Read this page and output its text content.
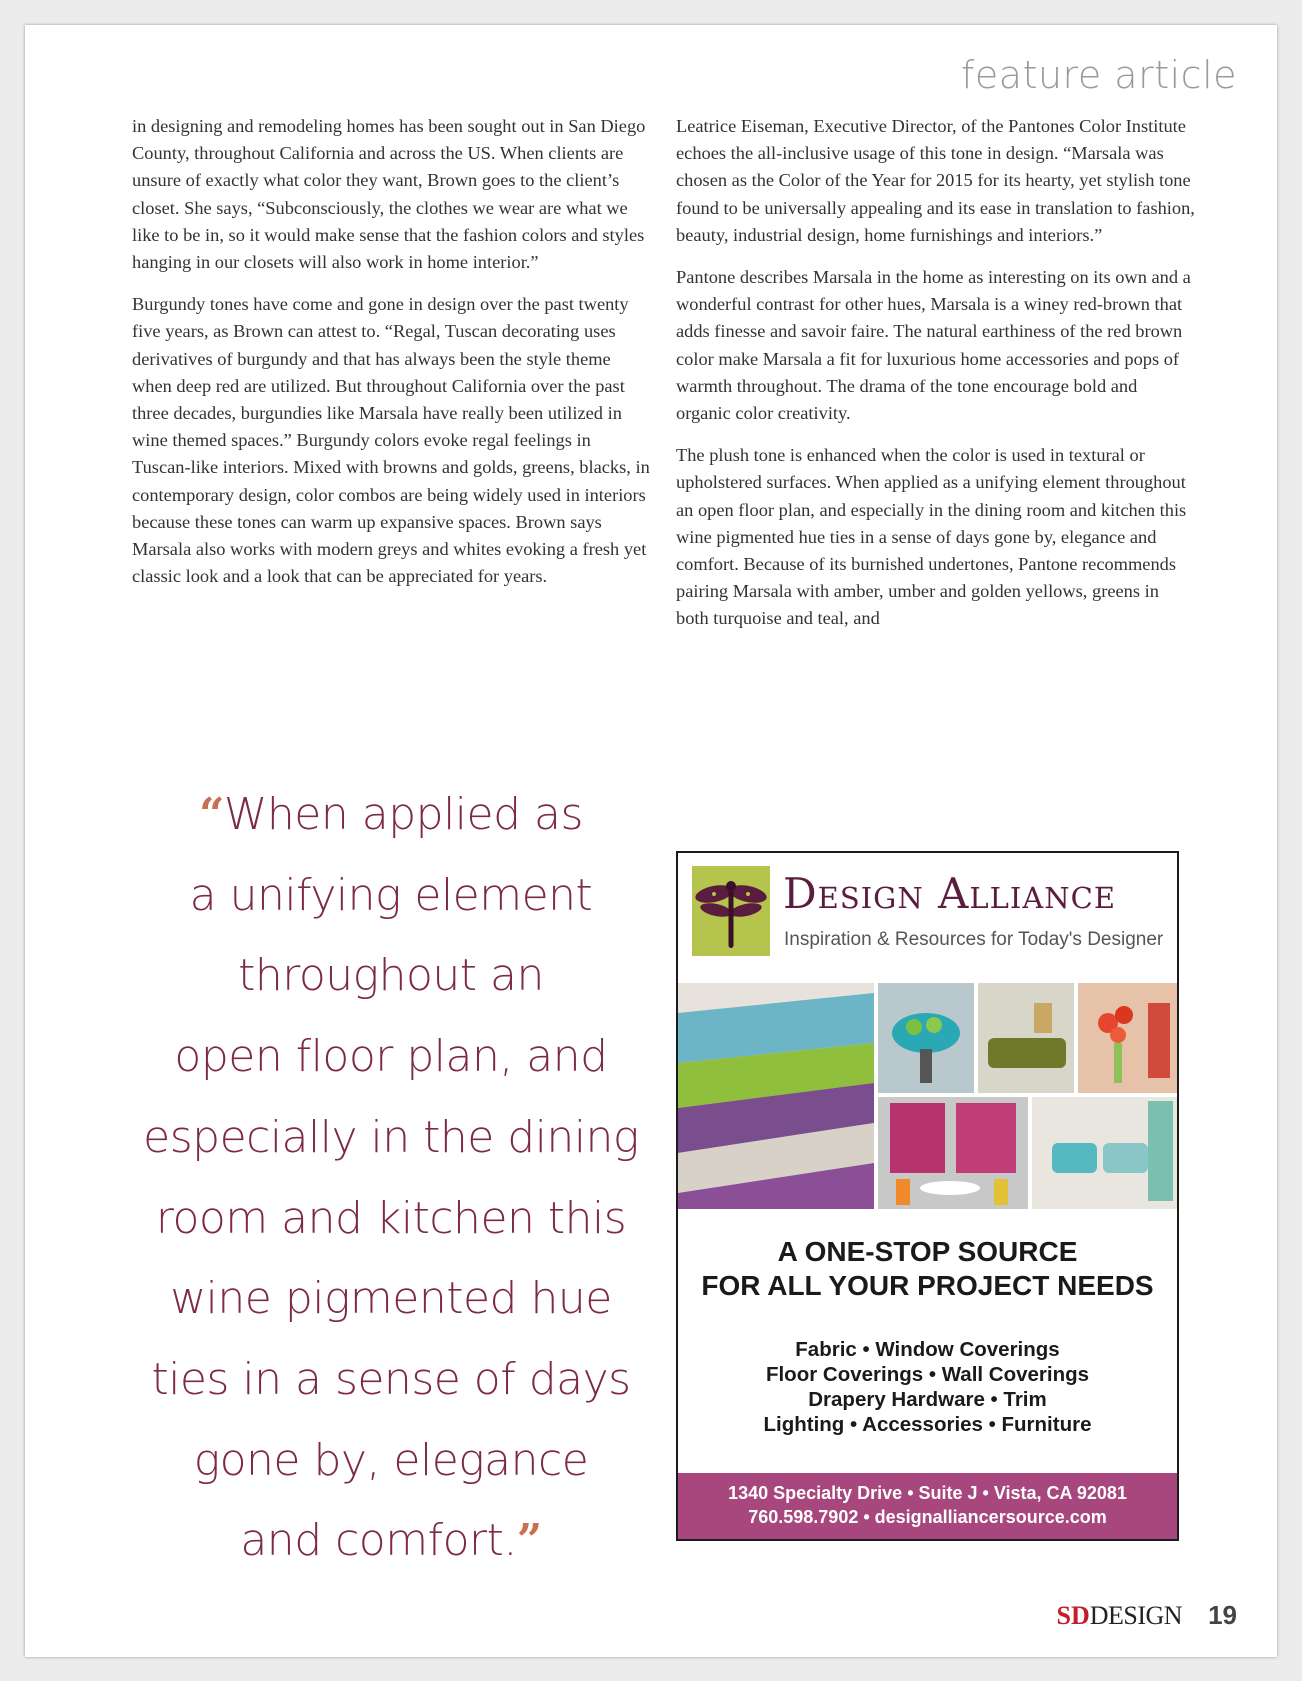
feature article

in designing and remodeling homes has been sought out in San Diego County, throughout California and across the US. When clients are unsure of exactly what color they want, Brown goes to the client’s closet. She says, “Subconsciously, the clothes we wear are what we like to be in, so it would make sense that the fashion colors and styles hanging in our closets will also work in home interior.”

Burgundy tones have come and gone in design over the past twenty five years, as Brown can attest to. “Regal, Tuscan decorating uses derivatives of burgundy and that has always been the style theme when deep red are utilized. But throughout California over the past three decades, burgundies like Marsala have really been utilized in wine themed spaces.” Burgundy colors evoke regal feelings in Tuscan-like interiors. Mixed with browns and golds, greens, blacks, in contemporary design, color combos are being widely used in interiors because these tones can warm up expansive spaces. Brown says Marsala also works with modern greys and whites evoking a fresh yet classic look and a look that can be appreciated for years.

Leatrice Eiseman, Executive Director, of the Pantones Color Institute echoes the all-inclusive usage of this tone in design. “Marsala was chosen as the Color of the Year for 2015 for its hearty, yet stylish tone found to be universally appealing and its ease in translation to fashion, beauty, industrial design, home furnishings and interiors.”

Pantone describes Marsala in the home as interesting on its own and a wonderful contrast for other hues, Marsala is a winey red-brown that adds finesse and savoir faire. The natural earthiness of the red brown color make Marsala a fit for luxurious home accessories and pops of warmth throughout. The drama of the tone encourage bold and organic color creativity.

The plush tone is enhanced when the color is used in textural or upholstered surfaces. When applied as a unifying element throughout an open floor plan, and especially in the dining room and kitchen this wine pigmented hue ties in a sense of days gone by, elegance and comfort. Because of its burnished undertones, Pantone recommends pairing Marsala with amber, umber and golden yellows, greens in both turquoise and teal, and

“When applied as
a unifying element
throughout an
open floor plan, and
especially in the dining
room and kitchen this
wine pigmented hue
ties in a sense of days
gone by, elegance
and comfort.”
Design Alliance
Inspiration & Resources for Today's Designer
A ONE-STOP SOURCE
FOR ALL YOUR PROJECT NEEDS
Fabric • Window Coverings
Floor Coverings • Wall Coverings
Drapery Hardware • Trim
Lighting • Accessories • Furniture
1340 Specialty Drive • Suite J • Vista, CA 92081
760.598.7902 • designalliancersource.com
SDDESIGN 19
